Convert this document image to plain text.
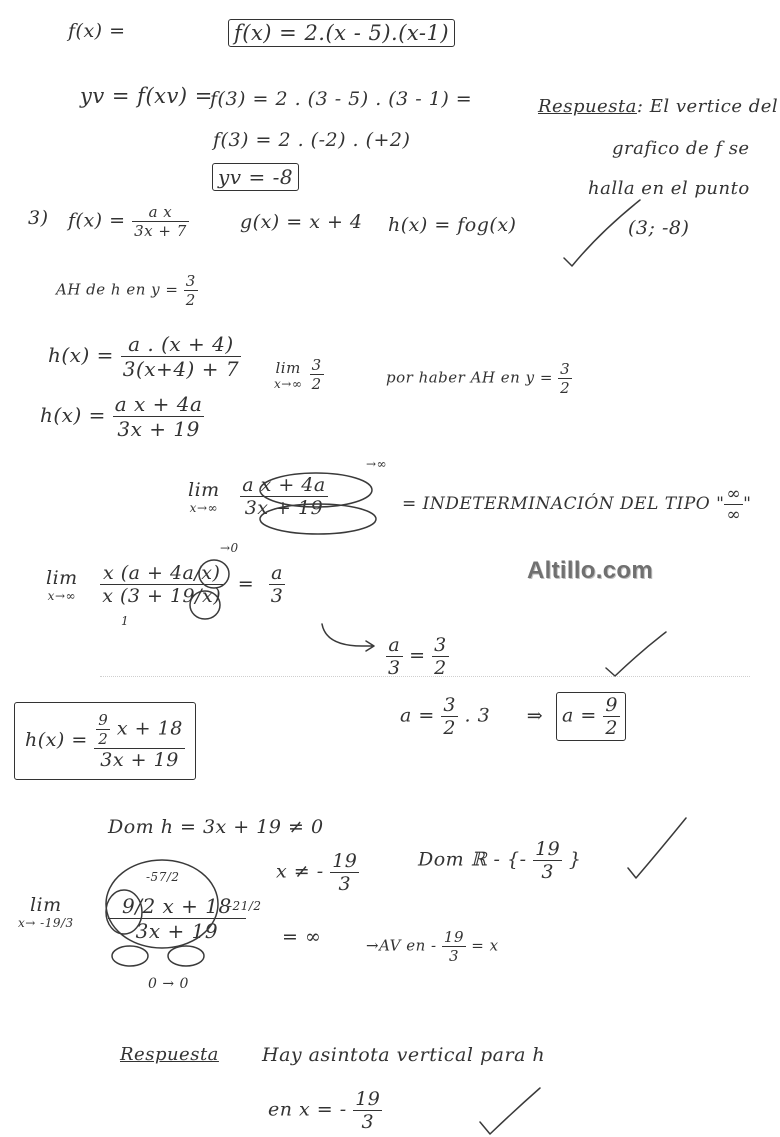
f(x) =	f(x) = 2.(x - 5).(x-1)
yv = f(xv) =
f(3) = 2 . (3 - 5) . (3 - 1) =
f(3) = 2 . (-2) . (+2)
yv = -8
Respuesta: El vertice del
grafico de f se
halla en el punto
(3; -8)
3) $f(x) = \frac{\text{a x}}{3x + 7}$	g(x) = x + 4 h(x) = fog(x)
AH de h en $y = \frac{3}{2}$
$h(x) = \frac{a . (x + 4)}{3(x+4) + 7}$
$h(x) = \frac{\text{a x + 4a}}{3x + 19}$
lim
x→∞
$\frac{3}{2}$	por haber AH en $y = \frac{3}{2}$
lim
x→∞
$\frac{\text{a x + 4a}}{3x + 19}$
→∞
= INDETERMINACIÓN DEL TIPO " $\frac{\infty}{\infty}$ "
lim
x→∞
$\frac{x (a + 4a/x)}{x (3 + 19/x)} = \frac{a}{3}$
→0
1
$\frac{a}{3} = \frac{3}{2}$
$a = \frac{3}{2}$ . 3 ⇒ $a = \frac{9}{2}$
$h(x) = \frac{\frac{9}{2} x + 18}{3x + 19}$
Dom h = 3x + 19 ≠ 0
x ≠ - $\frac{19}{3}$	Dom ℝ - {- $\frac{19}{3}$ }
lim
$x\to -19/3 \frac{9/2 x + 18}{3x + 19}$
-57/2
-21/2
0 → 0
= ∞	→AV en - $\frac{19}{3} = x$
Respuesta Hay asintota vertical para h
en x = - $\frac{19}{3}$
Altillo.com
